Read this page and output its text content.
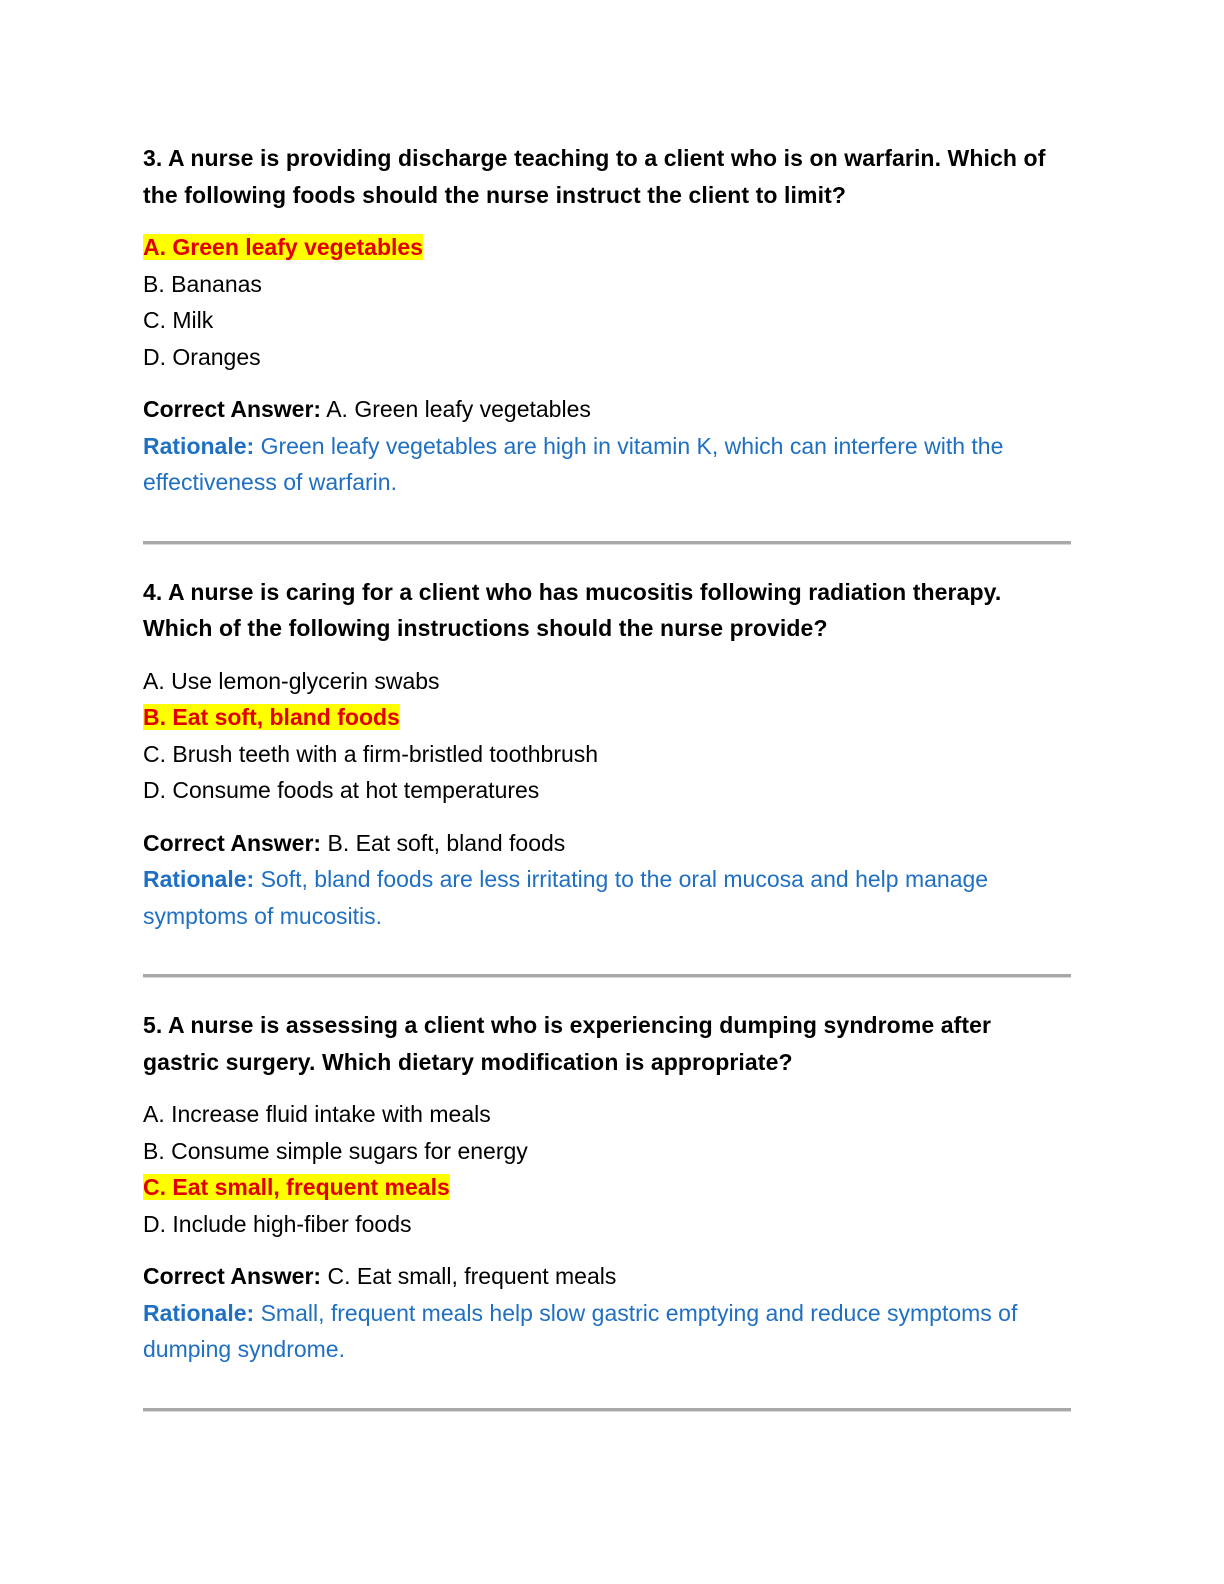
3. A nurse is providing discharge teaching to a client who is on warfarin. Which of the following foods should the nurse instruct the client to limit?

A. Green leafy vegetables
B. Bananas
C. Milk
D. Oranges

Correct Answer: A. Green leafy vegetables

Rationale: Green leafy vegetables are high in vitamin K, which can interfere with the effectiveness of warfarin.

4. A nurse is caring for a client who has mucositis following radiation therapy. Which of the following instructions should the nurse provide?

A. Use lemon-glycerin swabs
B. Eat soft, bland foods
C. Brush teeth with a firm-bristled toothbrush
D. Consume foods at hot temperatures

Correct Answer: B. Eat soft, bland foods

Rationale: Soft, bland foods are less irritating to the oral mucosa and help manage symptoms of mucositis.

5. A nurse is assessing a client who is experiencing dumping syndrome after gastric surgery. Which dietary modification is appropriate?

A. Increase fluid intake with meals
B. Consume simple sugars for energy
C. Eat small, frequent meals
D. Include high-fiber foods

Correct Answer: C. Eat small, frequent meals

Rationale: Small, frequent meals help slow gastric emptying and reduce symptoms of dumping syndrome.
